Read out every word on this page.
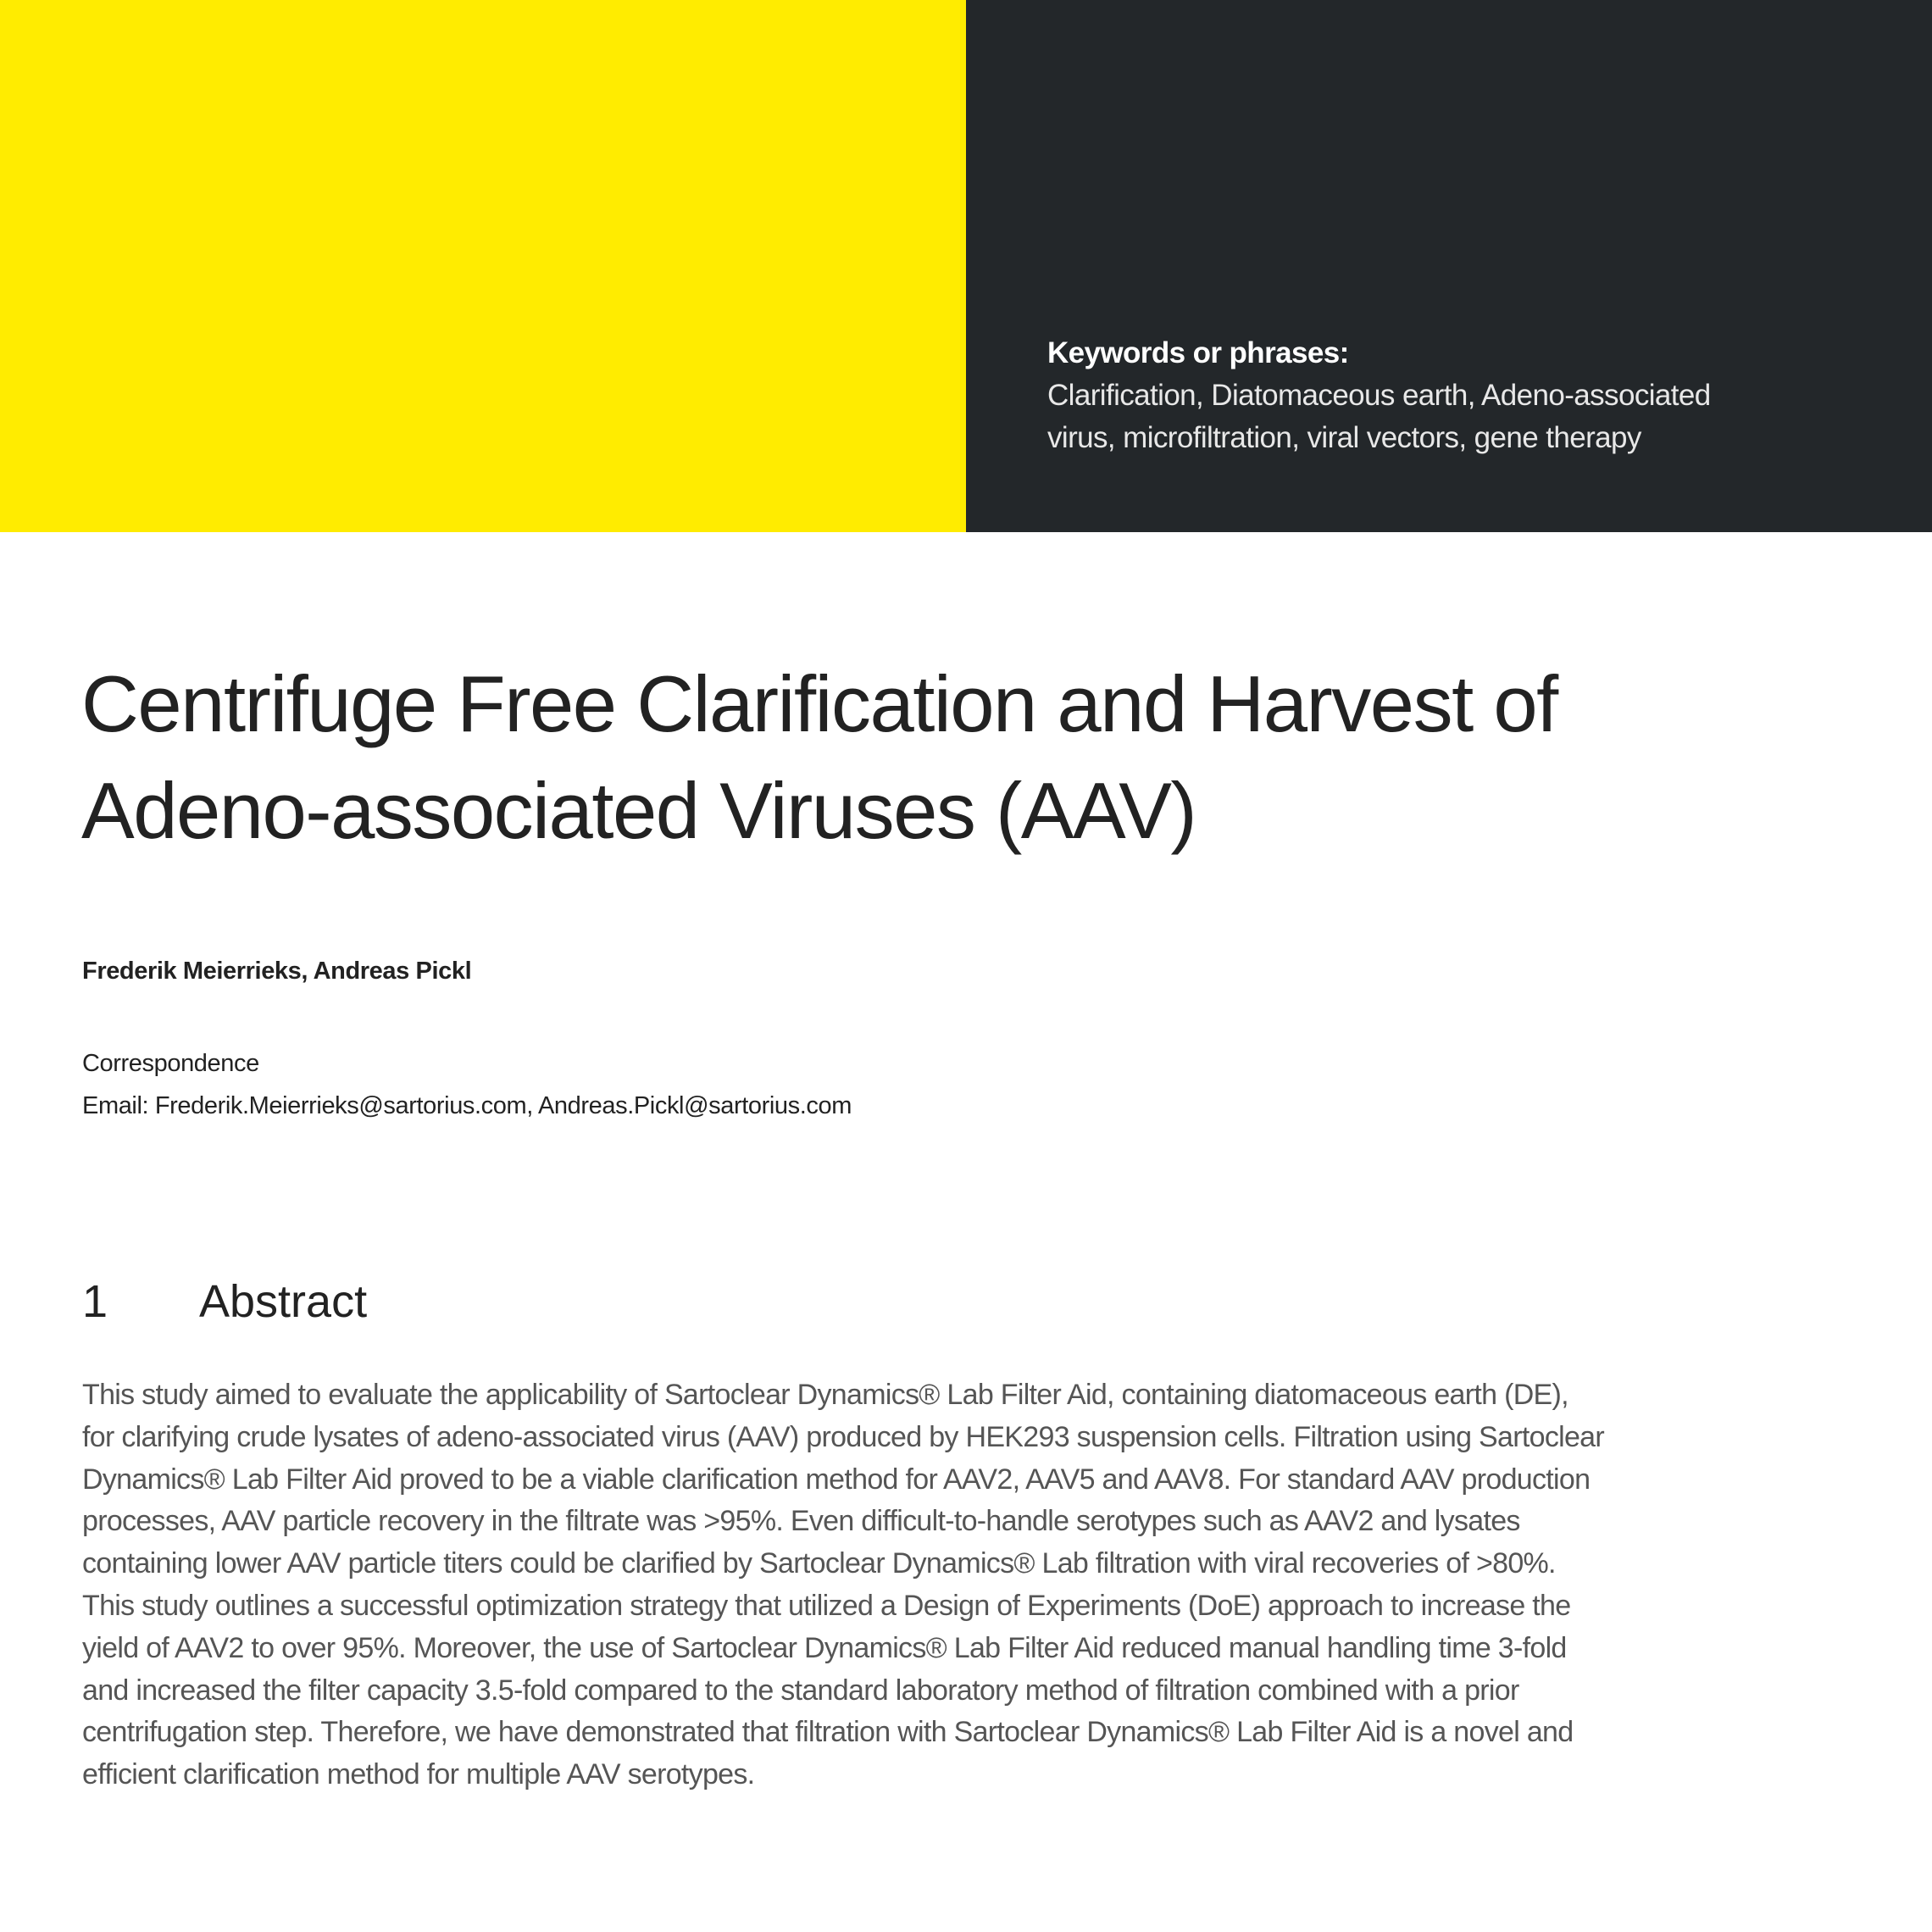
Keywords or phrases:
Clarification, Diatomaceous earth, Adeno-associated
virus, microfiltration, viral vectors, gene therapy
Centrifuge Free Clarification and Harvest of
Adeno-associated Viruses (AAV)
Frederik Meierrieks, Andreas Pickl
Correspondence
Email: Frederik.Meierrieks@sartorius.com, Andreas.Pickl@sartorius.com
1 Abstract
This study aimed to evaluate the applicability of Sartoclear Dynamics® Lab Filter Aid, containing diatomaceous earth (DE),
for clarifying crude lysates of adeno-associated virus (AAV) produced by HEK293 suspension cells. Filtration using Sartoclear
Dynamics® Lab Filter Aid proved to be a viable clarification method for AAV2, AAV5 and AAV8. For standard AAV production
processes, AAV particle recovery in the filtrate was >95%. Even difficult-to-handle serotypes such as AAV2 and lysates
containing lower AAV particle titers could be clarified by Sartoclear Dynamics® Lab filtration with viral recoveries of >80%.
This study outlines a successful optimization strategy that utilized a Design of Experiments (DoE) approach to increase the
yield of AAV2 to over 95%. Moreover, the use of Sartoclear Dynamics® Lab Filter Aid reduced manual handling time 3-fold
and increased the filter capacity 3.5-fold compared to the standard laboratory method of filtration combined with a prior
centrifugation step. Therefore, we have demonstrated that filtration with Sartoclear Dynamics® Lab Filter Aid is a novel and
efficient clarification method for multiple AAV serotypes.
